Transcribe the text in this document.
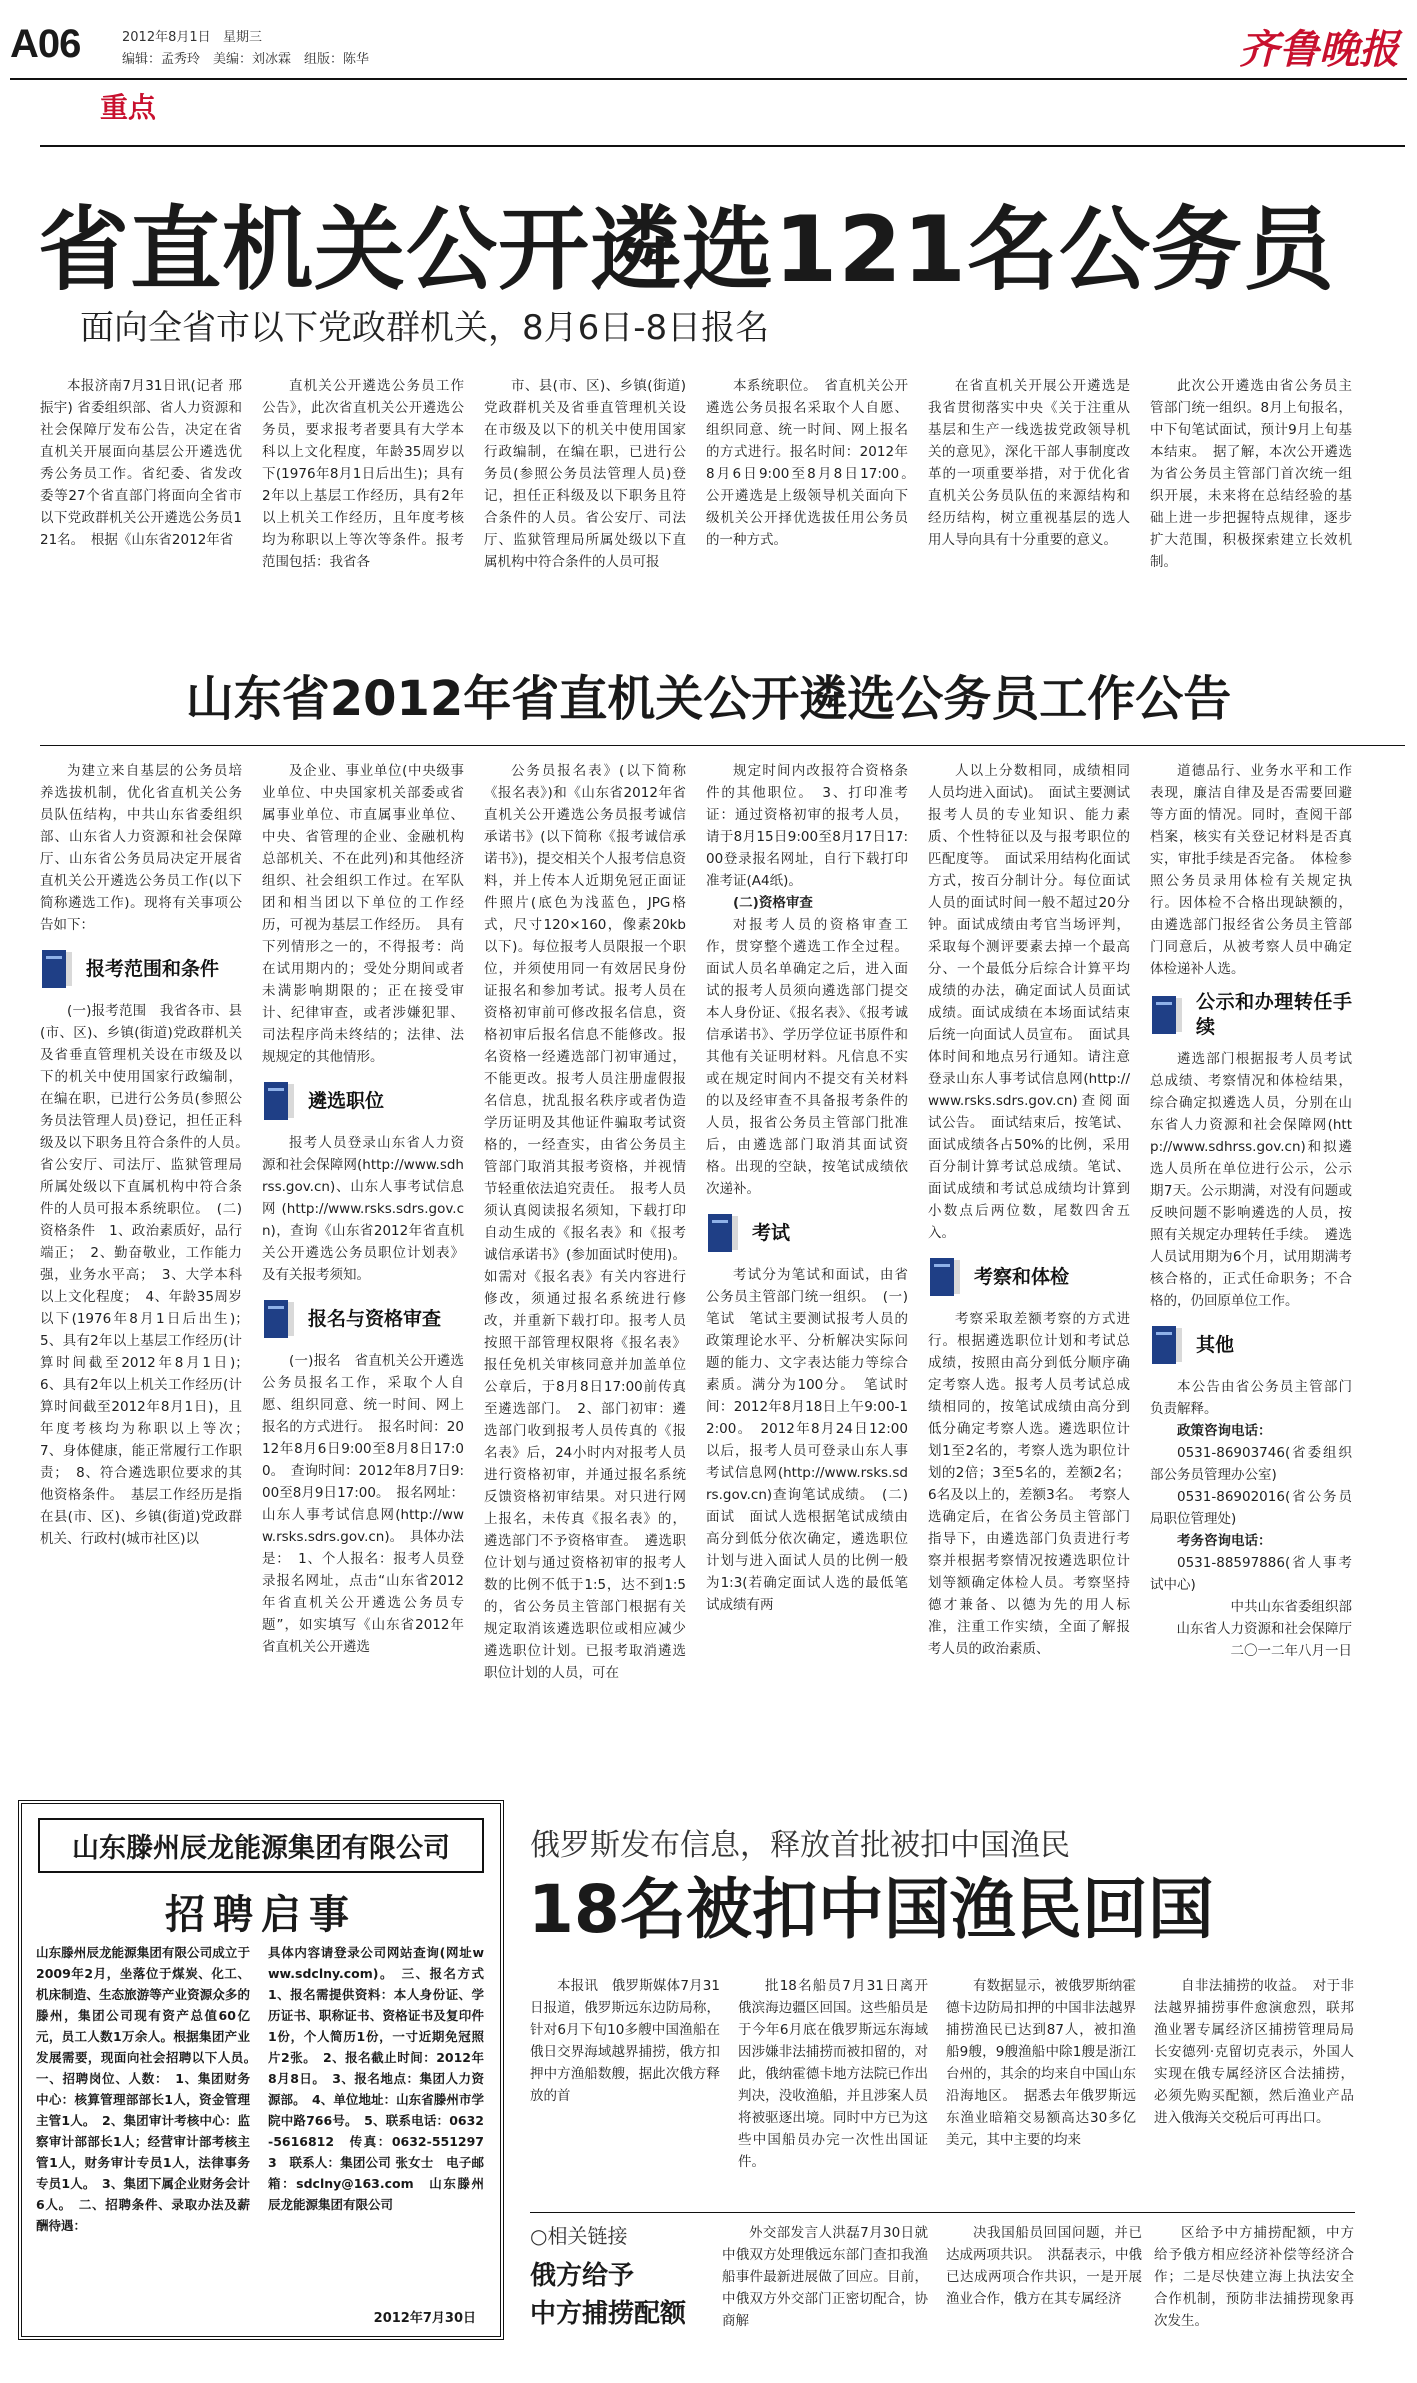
A06	2012年8月1日 星期三
编辑：孟秀玲　美编：刘冰霖　组版：陈华	齐鲁晚报
重点
省直机关公开遴选121名公务员
面向全省市以下党政群机关，8月6日-8日报名

本报济南7月31日讯(记者 邢振宇) 省委组织部、省人力资源和社会保障厅发布公告，决定在省直机关开展面向基层公开遴选优秀公务员工作。省纪委、省发改委等27个省直部门将面向全省市以下党政群机关公开遴选公务员121名。　根据《山东省2012年省

直机关公开遴选公务员工作公告》，此次省直机关公开遴选公务员，要求报考者要具有大学本科以上文化程度，年龄35周岁以下(1976年8月1日后出生)；具有2年以上基层工作经历，具有2年以上机关工作经历，且年度考核均为称职以上等次等条件。报考范围包括：我省各

市、县(市、区)、乡镇(街道)党政群机关及省垂直管理机关设在市级及以下的机关中使用国家行政编制，在编在职，已进行公务员(参照公务员法管理人员)登记，担任正科级及以下职务且符合条件的人员。省公安厅、司法厅、监狱管理局所属处级以下直属机构中符合条件的人员可报

本系统职位。　省直机关公开遴选公务员报名采取个人自愿、组织同意、统一时间、网上报名的方式进行。报名时间：2012年8月6日9:00至8月8日17:00。　公开遴选是上级领导机关面向下级机关公开择优选拔任用公务员的一种方式。

在省直机关开展公开遴选是我省贯彻落实中央《关于注重从基层和生产一线选拔党政领导机关的意见》，深化干部人事制度改革的一项重要举措，对于优化省直机关公务员队伍的来源结构和经历结构，树立重视基层的选人用人导向具有十分重要的意义。

此次公开遴选由省公务员主管部门统一组织。8月上旬报名，中下旬笔试面试，预计9月上旬基本结束。　据了解，本次公开遴选为省公务员主管部门首次统一组织开展，未来将在总结经验的基础上进一步把握特点规律，逐步扩大范围，积极探索建立长效机制。

山东省2012年省直机关公开遴选公务员工作公告

为建立来自基层的公务员培养选拔机制，优化省直机关公务员队伍结构，中共山东省委组织部、山东省人力资源和社会保障厅、山东省公务员局决定开展省直机关公开遴选公务员工作(以下简称遴选工作)。现将有关事项公告如下：

报考范围和条件

(一)报考范围　我省各市、县(市、区)、乡镇(街道)党政群机关及省垂直管理机关设在市级及以下的机关中使用国家行政编制，在编在职，已进行公务员(参照公务员法管理人员)登记，担任正科级及以下职务且符合条件的人员。　省公安厅、司法厅、监狱管理局所属处级以下直属机构中符合条件的人员可报本系统职位。　(二)资格条件　1、政治素质好，品行端正；　2、勤奋敬业，工作能力强，业务水平高；　3、大学本科以上文化程度；　4、年龄35周岁以下(1976年8月1日后出生)；　5、具有2年以上基层工作经历(计算时间截至2012年8月1日)；　6、具有2年以上机关工作经历(计算时间截至2012年8月1日)，且年度考核均为称职以上等次；　7、身体健康，能正常履行工作职责；　8、符合遴选职位要求的其他资格条件。　基层工作经历是指在县(市、区)、乡镇(街道)党政群机关、行政村(城市社区)以

及企业、事业单位(中央级事业单位、中央国家机关部委或省属事业单位、市直属事业单位、中央、省管理的企业、金融机构总部机关、不在此列)和其他经济组织、社会组织工作过。在军队团和相当团以下单位的工作经历，可视为基层工作经历。　具有下列情形之一的，不得报考：尚在试用期内的；受处分期间或者未满影响期限的；正在接受审计、纪律审查，或者涉嫌犯罪、司法程序尚未终结的；法律、法规规定的其他情形。

遴选职位

报考人员登录山东省人力资源和社会保障网(http://www.sdhrss.gov.cn)、山东人事考试信息网(http://www.rsks.sdrs.gov.cn)，查询《山东省2012年省直机关公开遴选公务员职位计划表》及有关报考须知。

报名与资格审查

(一)报名　省直机关公开遴选公务员报名工作，采取个人自愿、组织同意、统一时间、网上报名的方式进行。　报名时间：2012年8月6日9:00至8月8日17:00。　查询时间：2012年8月7日9:00至8月9日17:00。　报名网址：山东人事考试信息网(http://www.rsks.sdrs.gov.cn)。　具体办法是：　1、个人报名：报考人员登录报名网址，点击“山东省2012年省直机关公开遴选公务员专题”，如实填写《山东省2012年省直机关公开遴选

公务员报名表》(以下简称《报名表》)和《山东省2012年省直机关公开遴选公务员报考诚信承诺书》(以下简称《报考诚信承诺书》)，提交相关个人报考信息资料，并上传本人近期免冠正面证件照片(底色为浅蓝色，JPG格式，尺寸120×160，像素20kb以下)。每位报考人员限报一个职位，并须使用同一有效居民身份证报名和参加考试。报考人员在资格初审前可修改报名信息，资格初审后报名信息不能修改。报名资格一经遴选部门初审通过，不能更改。报考人员注册虚假报名信息，扰乱报名秩序或者伪造学历证明及其他证件骗取考试资格的，一经查实，由省公务员主管部门取消其报考资格，并视情节轻重依法追究责任。　报考人员须认真阅读报名须知，下载打印自动生成的《报名表》和《报考诚信承诺书》(参加面试时使用)。如需对《报名表》有关内容进行修改，须通过报名系统进行修改，并重新下载打印。报考人员按照干部管理权限将《报名表》报任免机关审核同意并加盖单位公章后，于8月8日17:00前传真至遴选部门。　2、部门初审：遴选部门收到报考人员传真的《报名表》后，24小时内对报考人员进行资格初审，并通过报名系统反馈资格初审结果。对只进行网上报名，未传真《报名表》的，遴选部门不予资格审查。　遴选职位计划与通过资格初审的报考人数的比例不低于1:5，达不到1:5的，省公务员主管部门根据有关规定取消该遴选职位或相应减少遴选职位计划。已报考取消遴选职位计划的人员，可在

规定时间内改报符合资格条件的其他职位。　3、打印准考证：通过资格初审的报考人员，请于8月15日9:00至8月17日17:00登录报名网址，自行下载打印准考证(A4纸)。

(二)资格审查

对报考人员的资格审查工作，贯穿整个遴选工作全过程。面试人员名单确定之后，进入面试的报考人员须向遴选部门提交本人身份证、《报名表》、《报考诚信承诺书》、学历学位证书原件和其他有关证明材料。凡信息不实或在规定时间内不提交有关材料的以及经审查不具备报考条件的人员，报省公务员主管部门批准后，由遴选部门取消其面试资格。出现的空缺，按笔试成绩依次递补。

考试

考试分为笔试和面试，由省公务员主管部门统一组织。　(一)笔试　笔试主要测试报考人员的政策理论水平、分析解决实际问题的能力、文字表达能力等综合素质。满分为100分。　笔试时间：2012年8月18日上午9:00-12:00。　2012年8月24日12:00以后，报考人员可登录山东人事考试信息网(http://www.rsks.sdrs.gov.cn)查询笔试成绩。　(二)面试　面试人选根据笔试成绩由高分到低分依次确定，遴选职位计划与进入面试人员的比例一般为1:3(若确定面试人选的最低笔试成绩有两

人以上分数相同，成绩相同人员均进入面试)。　面试主要测试报考人员的专业知识、能力素质、个性特征以及与报考职位的匹配度等。　面试采用结构化面试方式，按百分制计分。每位面试人员的面试时间一般不超过20分钟。面试成绩由考官当场评判，采取每个测评要素去掉一个最高分、一个最低分后综合计算平均成绩的办法，确定面试人员面试成绩。面试成绩在本场面试结束后统一向面试人员宣布。　面试具体时间和地点另行通知。请注意登录山东人事考试信息网(http://www.rsks.sdrs.gov.cn)查阅面试公告。　面试结束后，按笔试、面试成绩各占50%的比例，采用百分制计算考试总成绩。笔试、面试成绩和考试总成绩均计算到小数点后两位数，尾数四舍五入。

考察和体检

考察采取差额考察的方式进行。根据遴选职位计划和考试总成绩，按照由高分到低分顺序确定考察人选。报考人员考试总成绩相同的，按笔试成绩由高分到低分确定考察人选。遴选职位计划1至2名的，考察人选为职位计划的2倍；3至5名的，差额2名；6名及以上的，差额3名。　考察人选确定后，在省公务员主管部门指导下，由遴选部门负责进行考察并根据考察情况按遴选职位计划等额确定体检人员。考察坚持德才兼备、以德为先的用人标准，注重工作实绩，全面了解报考人员的政治素质、

道德品行、业务水平和工作表现，廉洁自律及是否需要回避等方面的情况。同时，查阅干部档案，核实有关登记材料是否真实，审批手续是否完备。　体检参照公务员录用体检有关规定执行。因体检不合格出现缺额的，由遴选部门报经省公务员主管部门同意后，从被考察人员中确定体检递补人选。

公示和办理转任手续

遴选部门根据报考人员考试总成绩、考察情况和体检结果，综合确定拟遴选人员，分别在山东省人力资源和社会保障网(http://www.sdhrss.gov.cn)和拟遴选人员所在单位进行公示，公示期7天。公示期满，对没有问题或反映问题不影响遴选的人员，按照有关规定办理转任手续。　遴选人员试用期为6个月，试用期满考核合格的，正式任命职务；不合格的，仍回原单位工作。

其他

本公告由省公务员主管部门负责解释。

政策咨询电话：

0531-86903746(省委组织部公务员管理办公室)

0531-86902016(省公务员局职位管理处)

考务咨询电话：

0531-88597886(省人事考试中心)

中共山东省委组织部
山东省人力资源和社会保障厅
二〇一二年八月一日
山东滕州辰龙能源集团有限公司
招聘启事
山东滕州辰龙能源集团有限公司成立于2009年2月，坐落位于煤炭、化工、机床制造、生态旅游等产业资源众多的滕州，集团公司现有资产总值60亿元，员工人数1万余人。根据集团产业发展需要，现面向社会招聘以下人员。　一、招聘岗位、人数：　1、集团财务中心：核算管理部部长1人，资金管理主管1人。　2、集团审计考核中心：监察审计部部长1人；经营审计部考核主管1人，财务审计专员1人，法律事务专员1人。　3、集团下属企业财务会计6人。　二、招聘条件、录取办法及薪酬待遇：
具体内容请登录公司网站查询(网址www.sdclny.com)。　三、报名方式　1、报名需提供资料：本人身份证、学历证书、职称证书、资格证书及复印件1份，个人简历1份，一寸近期免冠照片2张。　2、报名截止时间：2012年8月8日。　3、报名地点：集团人力资源部。　4、单位地址：山东省滕州市学院中路766号。　5、联系电话：0632-5616812　传真：0632-5512973　联系人：集团公司 张女士　电子邮箱：sdclny@163.com　山东滕州辰龙能源集团有限公司
2012年7月30日
俄罗斯发布信息，释放首批被扣中国渔民
18名被扣中国渔民回国

本报讯　俄罗斯媒体7月31日报道，俄罗斯远东边防局称，针对6月下旬10多艘中国渔船在俄日交界海域越界捕捞，俄方扣押中方渔船数艘，据此次俄方释放的首

批18名船员7月31日离开俄滨海边疆区回国。这些船员是于今年6月底在俄罗斯远东海域因涉嫌非法捕捞而被扣留的，对此，俄纳霍德卡地方法院已作出判决，没收渔船，并且涉案人员将被驱逐出境。同时中方已为这些中国船员办完一次性出国证件。

有数据显示，被俄罗斯纳霍德卡边防局扣押的中国非法越界捕捞渔民已达到87人，被扣渔船9艘，9艘渔船中除1艘是浙江台州的，其余的均来自中国山东沿海地区。　据悉去年俄罗斯远东渔业暗箱交易额高达30多亿美元，其中主要的均来

自非法捕捞的收益。　对于非法越界捕捞事件愈演愈烈，联邦渔业署专属经济区捕捞管理局局长安德列·克留切克表示，外国人实现在俄专属经济区合法捕捞，必须先购买配额，然后渔业产品进入俄海关交税后可再出口。

○相关链接
俄方给予
中方捕捞配额

外交部发言人洪磊7月30日就中俄双方处理俄远东部门查扣我渔船事件最新进展做了回应。目前，中俄双方外交部门正密切配合，协商解

决我国船员回国问题，并已达成两项共识。　洪磊表示，中俄已达成两项合作共识，一是开展渔业合作，俄方在其专属经济

区给予中方捕捞配额，中方给予俄方相应经济补偿等经济合作；二是尽快建立海上执法安全合作机制，预防非法捕捞现象再次发生。
